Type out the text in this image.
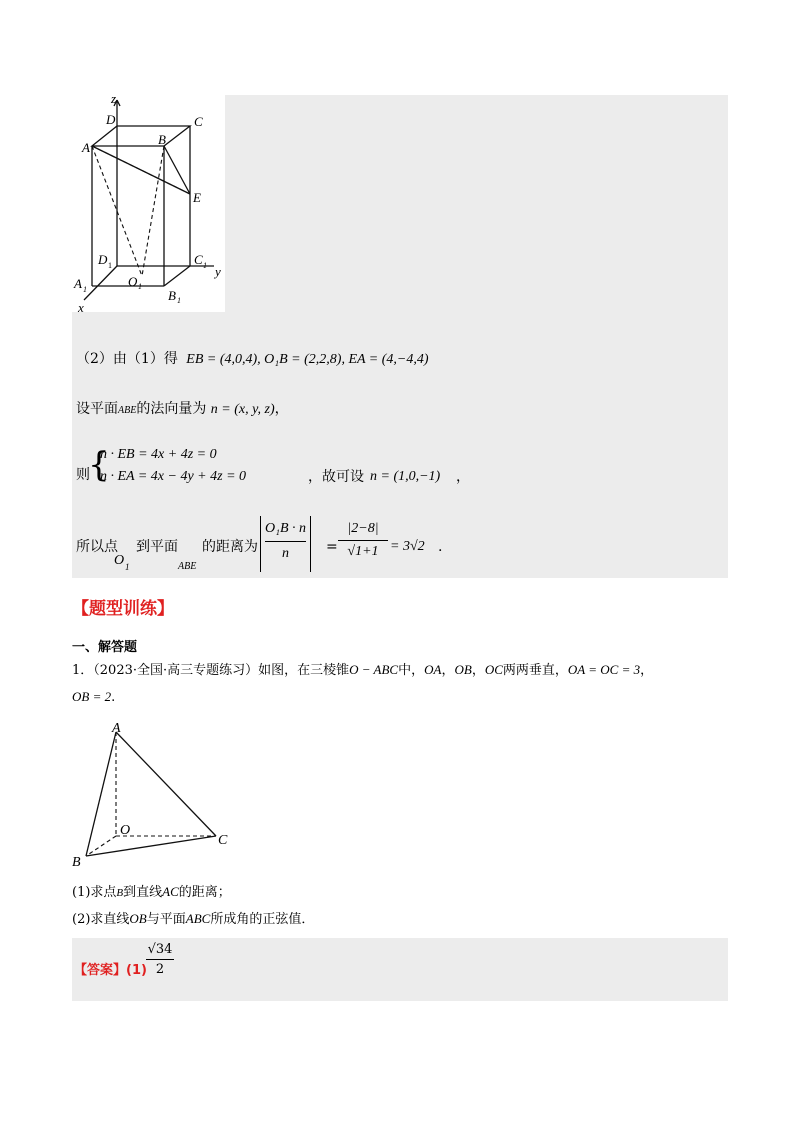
z
D	C
B
A
E
D 1	C 1 y
O 1
A 1	B 1
x
（2）由（1）得 EB = (4,0,4), O₁B = (2,2,8), EA = (4,−4,4)
设平面ABE的法向量为 n = (x, y, z)，
则
{
n · EB = 4x + 4z = 0
n · EA = 4x − 4y + 4z = 0	，故可设 n = (1,0,−1) ，
所以点
O 1
到平面
ABE
的距离为
O₁B · n
n	=
|2−8|
√1+1 = 3√2 .
【题型训练】
一、解答题
1．（2023·全国·高三专题练习）如图，在三棱锥O − ABC中，OA，OB，OC两两垂直，OA = OC = 3，
OB = 2.
A
O
C
B
(1)求点B到直线AC的距离；
(2)求直线OB与平面ABC所成角的正弦值．
【答案】(1)
√34
2
